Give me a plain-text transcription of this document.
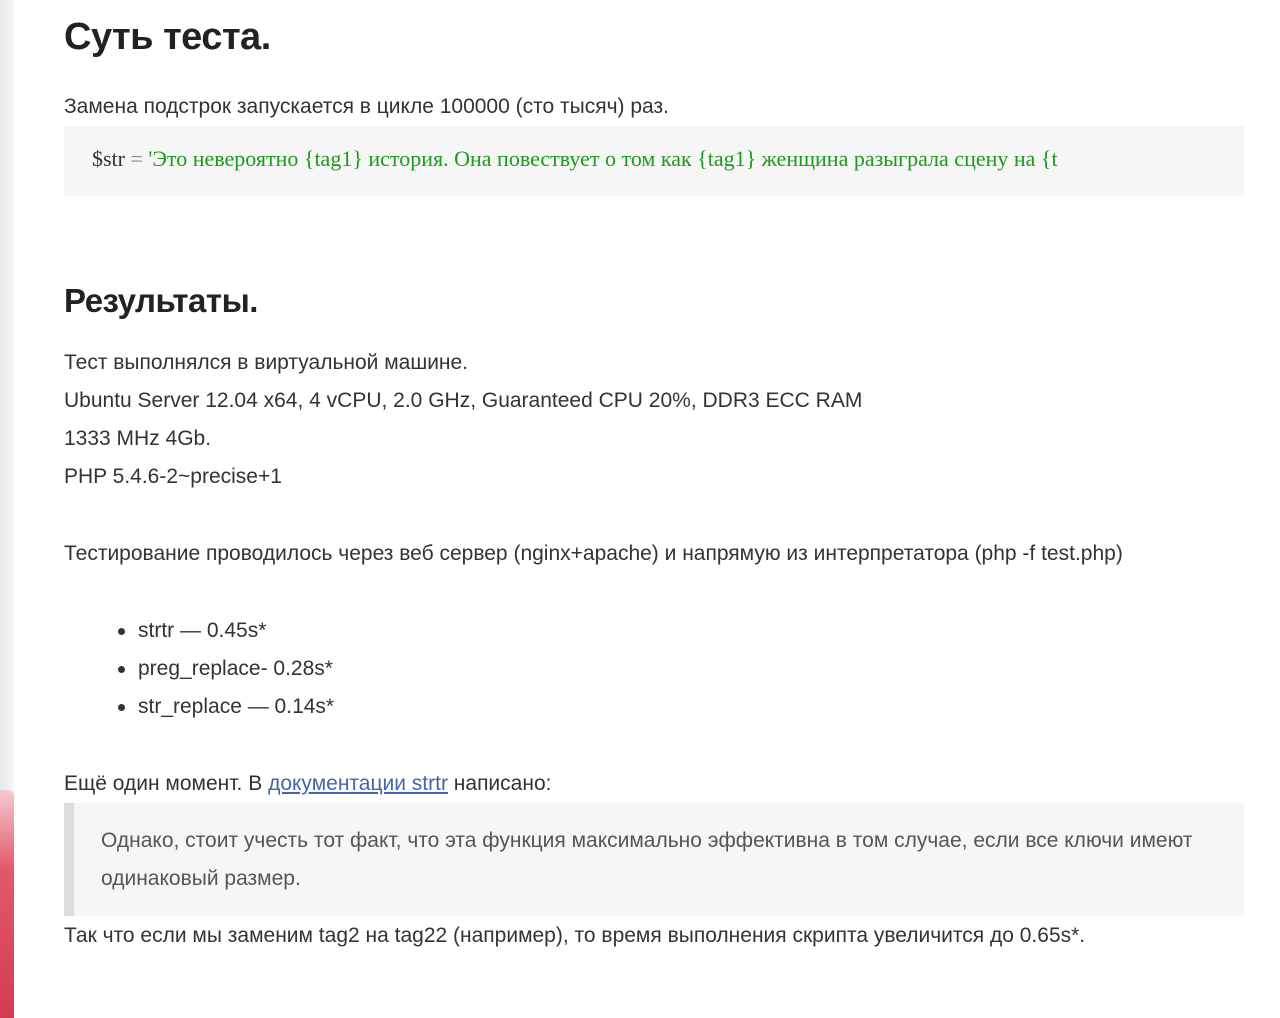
Суть теста.

Замена подстрок запускается в цикле 100000 (сто тысяч) раз.

$str = 'Это невероятно {tag1} история. Она повествует о том как {tag1} женщина разыграла сцену на {t
Результаты.

Тест выполнялся в виртуальной машине.

Ubuntu Server 12.04 x64, 4 vCPU, 2.0 GHz, Guaranteed CPU 20%, DDR3 ECC RAM

1333 MHz 4Gb.

PHP 5.4.6-2~precise+1

Тестирование проводилось через веб сервер (nginx+apache) и напрямую из интерпретатора (php -f test.php)

strtr — 0.45s*
preg_replace- 0.28s*
str_replace — 0.14s*

Ещё один момент. В документации strtr написано:

Однако, стоит учесть тот факт, что эта функция максимально эффективна в том случае, если все ключи имеют одинаковый размер.

Так что если мы заменим tag2 на tag22 (например), то время выполнения скрипта увеличится до 0.65s*.
